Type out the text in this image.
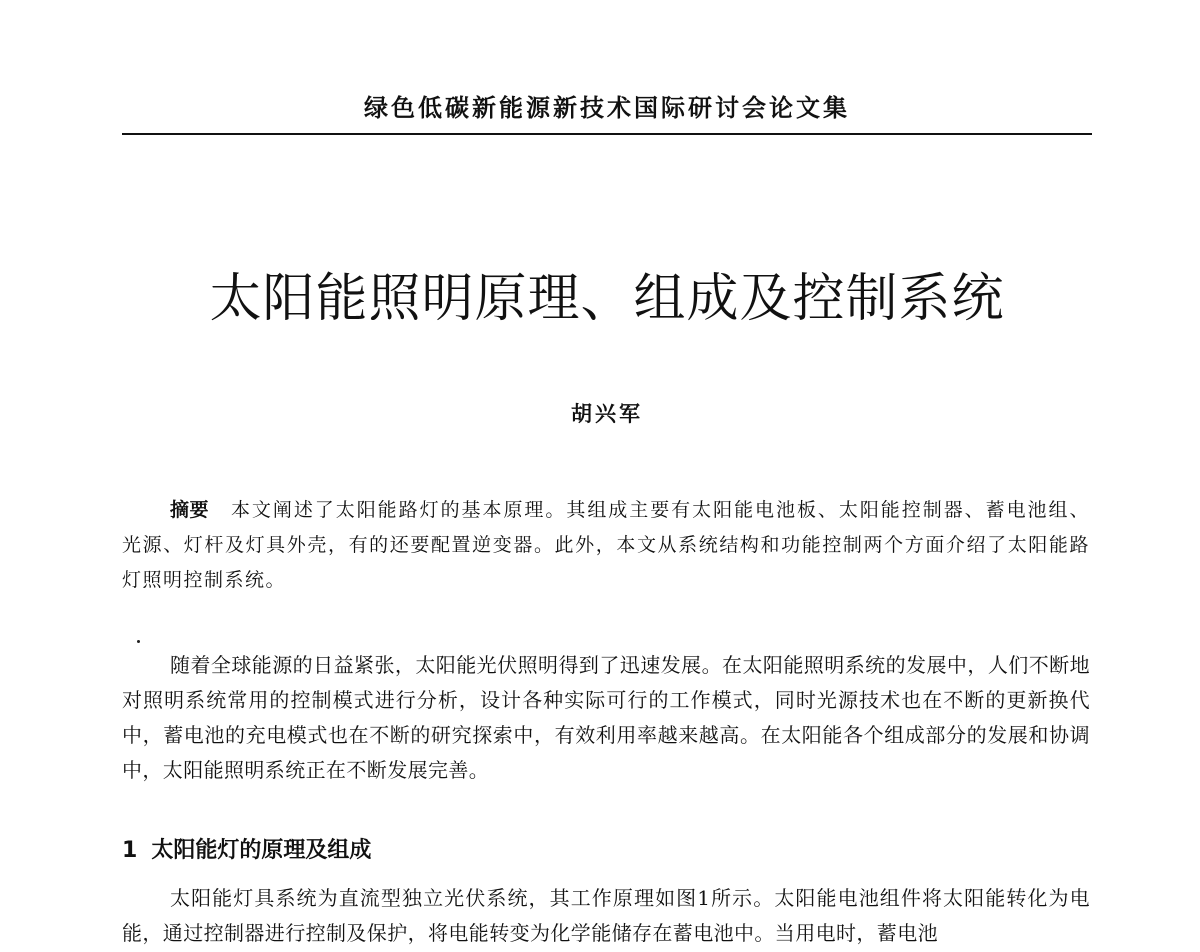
绿色低碳新能源新技术国际研讨会论文集
太阳能照明原理、组成及控制系统
胡兴军
摘要 本文阐述了太阳能路灯的基本原理。其组成主要有太阳能电池板、太阳能控制器、蓄电池组、光源、灯杆及灯具外壳，有的还要配置逆变器。此外，本文从系统结构和功能控制两个方面介绍了太阳能路灯照明控制系统。
随着全球能源的日益紧张，太阳能光伏照明得到了迅速发展。在太阳能照明系统的发展中，人们不断地对照明系统常用的控制模式进行分析，设计各种实际可行的工作模式，同时光源技术也在不断的更新换代中，蓄电池的充电模式也在不断的研究探索中，有效利用率越来越高。在太阳能各个组成部分的发展和协调中，太阳能照明系统正在不断发展完善。
1 太阳能灯的原理及组成
太阳能灯具系统为直流型独立光伏系统，其工作原理如图1所示。太阳能电池组件将太阳能转化为电能，通过控制器进行控制及保护，将电能转变为化学能储存在蓄电池中。当用电时，蓄电池
